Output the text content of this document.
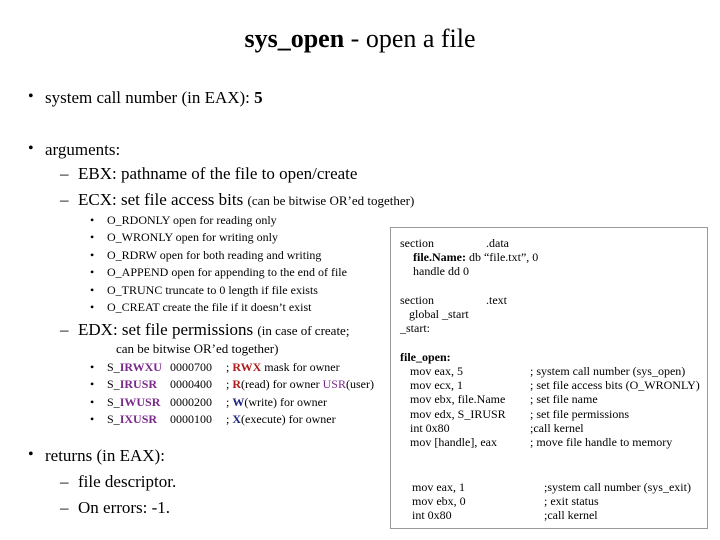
sys_open - open a file
• system call number (in EAX): 5
• arguments:
– EBX: pathname of the file to open/create
– ECX: set file access bits (can be bitwise OR’ed together)
•
•
•
•
•
•
O_RDONLY open for reading only
O_WRONLY open for writing only
O_RDRW open for both reading and writing
O_APPEND open for appending to the end of file
O_TRUNC truncate to 0 length if file exists
O_CREAT create the file if it doesn’t exist
– EDX: set file permissions (in case of create;
can be bitwise OR’ed together)
•
•
•
•
S_IRWXU
S_IRUSR
S_IWUSR
S_IXUSR
0000700
0000400
0000200
0000100
; RWX mask for owner
; R(read) for owner USR(user)
; W(write) for owner
; X(execute) for owner
• returns (in EAX):
– file descriptor.
– On errors: -1.
section	.data
file.Name: db “file.txt”, 0
handle dd 0
section	.text
global _start
_start:
file_open:
mov eax, 5
mov ecx, 1
mov ebx, file.Name
mov edx, S_IRUSR
int 0x80
mov [handle], eax
; system call number (sys_open)
; set file access bits (O_WRONLY)
; set file name
; set file permissions
;call kernel
; move file handle to memory
mov eax, 1
mov ebx, 0
int 0x80
;system call number (sys_exit)
; exit status
;call kernel
